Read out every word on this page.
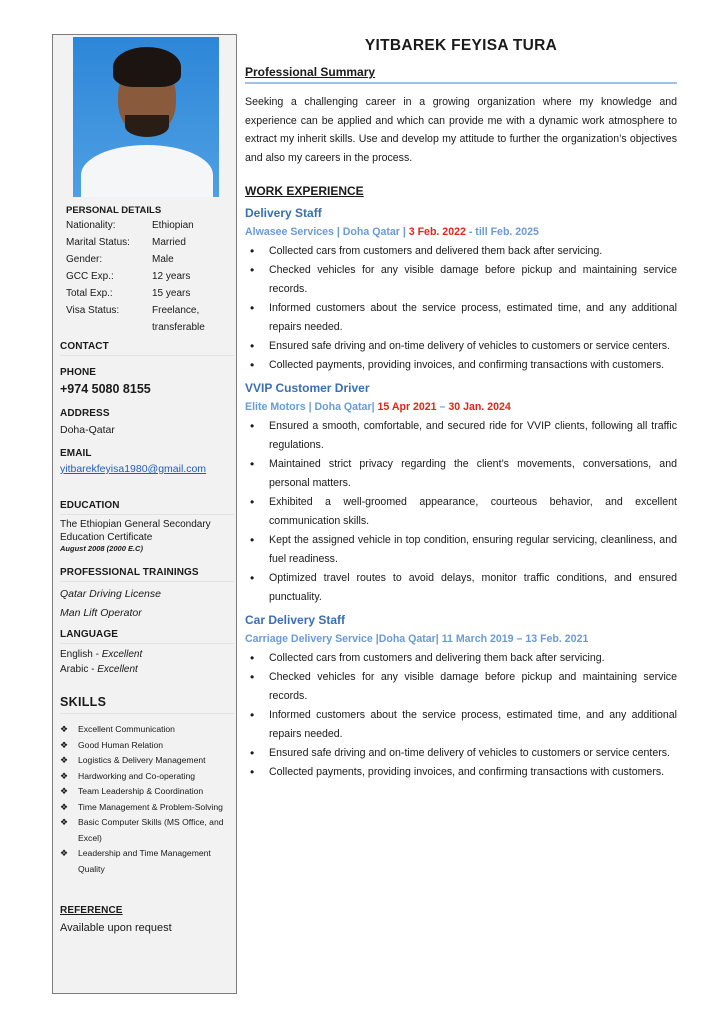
PERSONAL DETAILS
Nationality:	Ethiopian
Marital Status:	Married
Gender:	Male
GCC Exp.:	12 years
Total Exp.:	15 years
Visa Status:	Freelance, transferable
CONTACT
PHONE
+974 5080 8155
ADDRESS
Doha-Qatar
EMAIL
yitbarekfeyisa1980@gmail.com
EDUCATION
The Ethiopian General Secondary Education Certificate
August 2008 (2000 E.C)
PROFESSIONAL TRAININGS
Qatar Driving License
Man Lift Operator
LANGUAGE
English - Excellent
Arabic - Excellent
SKILLS
❖	Excellent Communication
❖	Good Human Relation
❖	Logistics & Delivery Management
❖	Hardworking and Co-operating
❖	Team Leadership & Coordination
❖	Time Management & Problem-Solving
❖	Basic Computer Skills (MS Office, and Excel)
❖	Leadership and Time Management Quality
REFERENCE
Available upon request
YITBAREK FEYISA TURA
Professional Summary
Seeking a challenging career in a growing organization where my knowledge and experience can be applied and which can provide me with a dynamic work atmosphere to extract my inherit skills. Use and develop my attitude to further the organization’s objectives and also my careers in the process.
WORK EXPERIENCE
Delivery Staff
Alwasee Services | Doha Qatar | 3 Feb. 2022 - till Feb. 2025
• Collected cars from customers and delivered them back after servicing.
• Checked vehicles for any visible damage before pickup and maintaining service records.
• Informed customers about the service process, estimated time, and any additional repairs needed.
• Ensured safe driving and on-time delivery of vehicles to customers or service centers.
• Collected payments, providing invoices, and confirming transactions with customers.
VVIP Customer Driver
Elite Motors | Doha Qatar| 15 Apr 2021 – 30 Jan. 2024
• Ensured a smooth, comfortable, and secured ride for VVIP clients, following all traffic regulations.
• Maintained strict privacy regarding the client’s movements, conversations, and personal matters.
• Exhibited a well-groomed appearance, courteous behavior, and excellent communication skills.
• Kept the assigned vehicle in top condition, ensuring regular servicing, cleanliness, and fuel readiness.
• Optimized travel routes to avoid delays, monitor traffic conditions, and ensured punctuality.
Car Delivery Staff
Carriage Delivery Service |Doha Qatar| 11 March 2019 – 13 Feb. 2021
• Collected cars from customers and delivering them back after servicing.
• Checked vehicles for any visible damage before pickup and maintaining service records.
• Informed customers about the service process, estimated time, and any additional repairs needed.
• Ensured safe driving and on-time delivery of vehicles to customers or service centers.
• Collected payments, providing invoices, and confirming transactions with customers.
